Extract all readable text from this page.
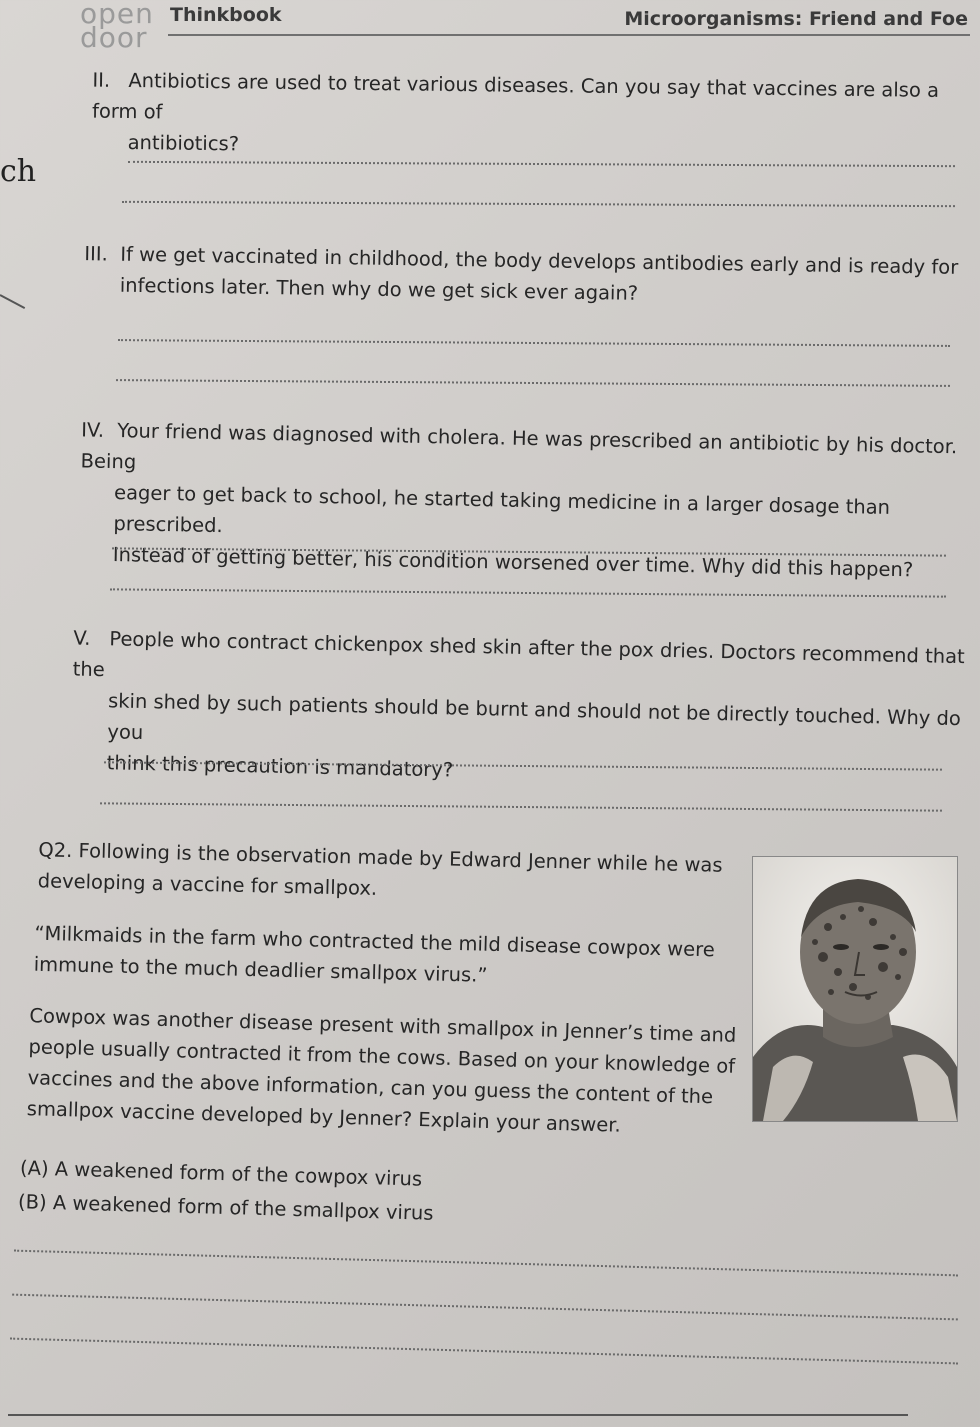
open
door
Thinkbook	Microorganisms: Friend and Foe
ch
II. Antibiotics are used to treat various diseases. Can you say that vaccines are also a form of
antibiotics?
III. If we get vaccinated in childhood, the body develops antibodies early and is ready for
infections later. Then why do we get sick ever again?
IV. Your friend was diagnosed with cholera. He was prescribed an antibiotic by his doctor. Being
eager to get back to school, he started taking medicine in a larger dosage than prescribed.
Instead of getting better, his condition worsened over time. Why did this happen?
V. People who contract chickenpox shed skin after the pox dries. Doctors recommend that the
skin shed by such patients should be burnt and should not be directly touched. Why do you
think this precaution is mandatory?
Q2. Following is the observation made by Edward Jenner while he was
developing a vaccine for smallpox.
“Milkmaids in the farm who contracted the mild disease cowpox were
immune to the much deadlier smallpox virus.”
Cowpox was another disease present with smallpox in Jenner’s time and
people usually contracted it from the cows. Based on your knowledge of
vaccines and the above information, can you guess the content of the
smallpox vaccine developed by Jenner? Explain your answer.
(A) A weakened form of the cowpox virus
(B) A weakened form of the smallpox virus
